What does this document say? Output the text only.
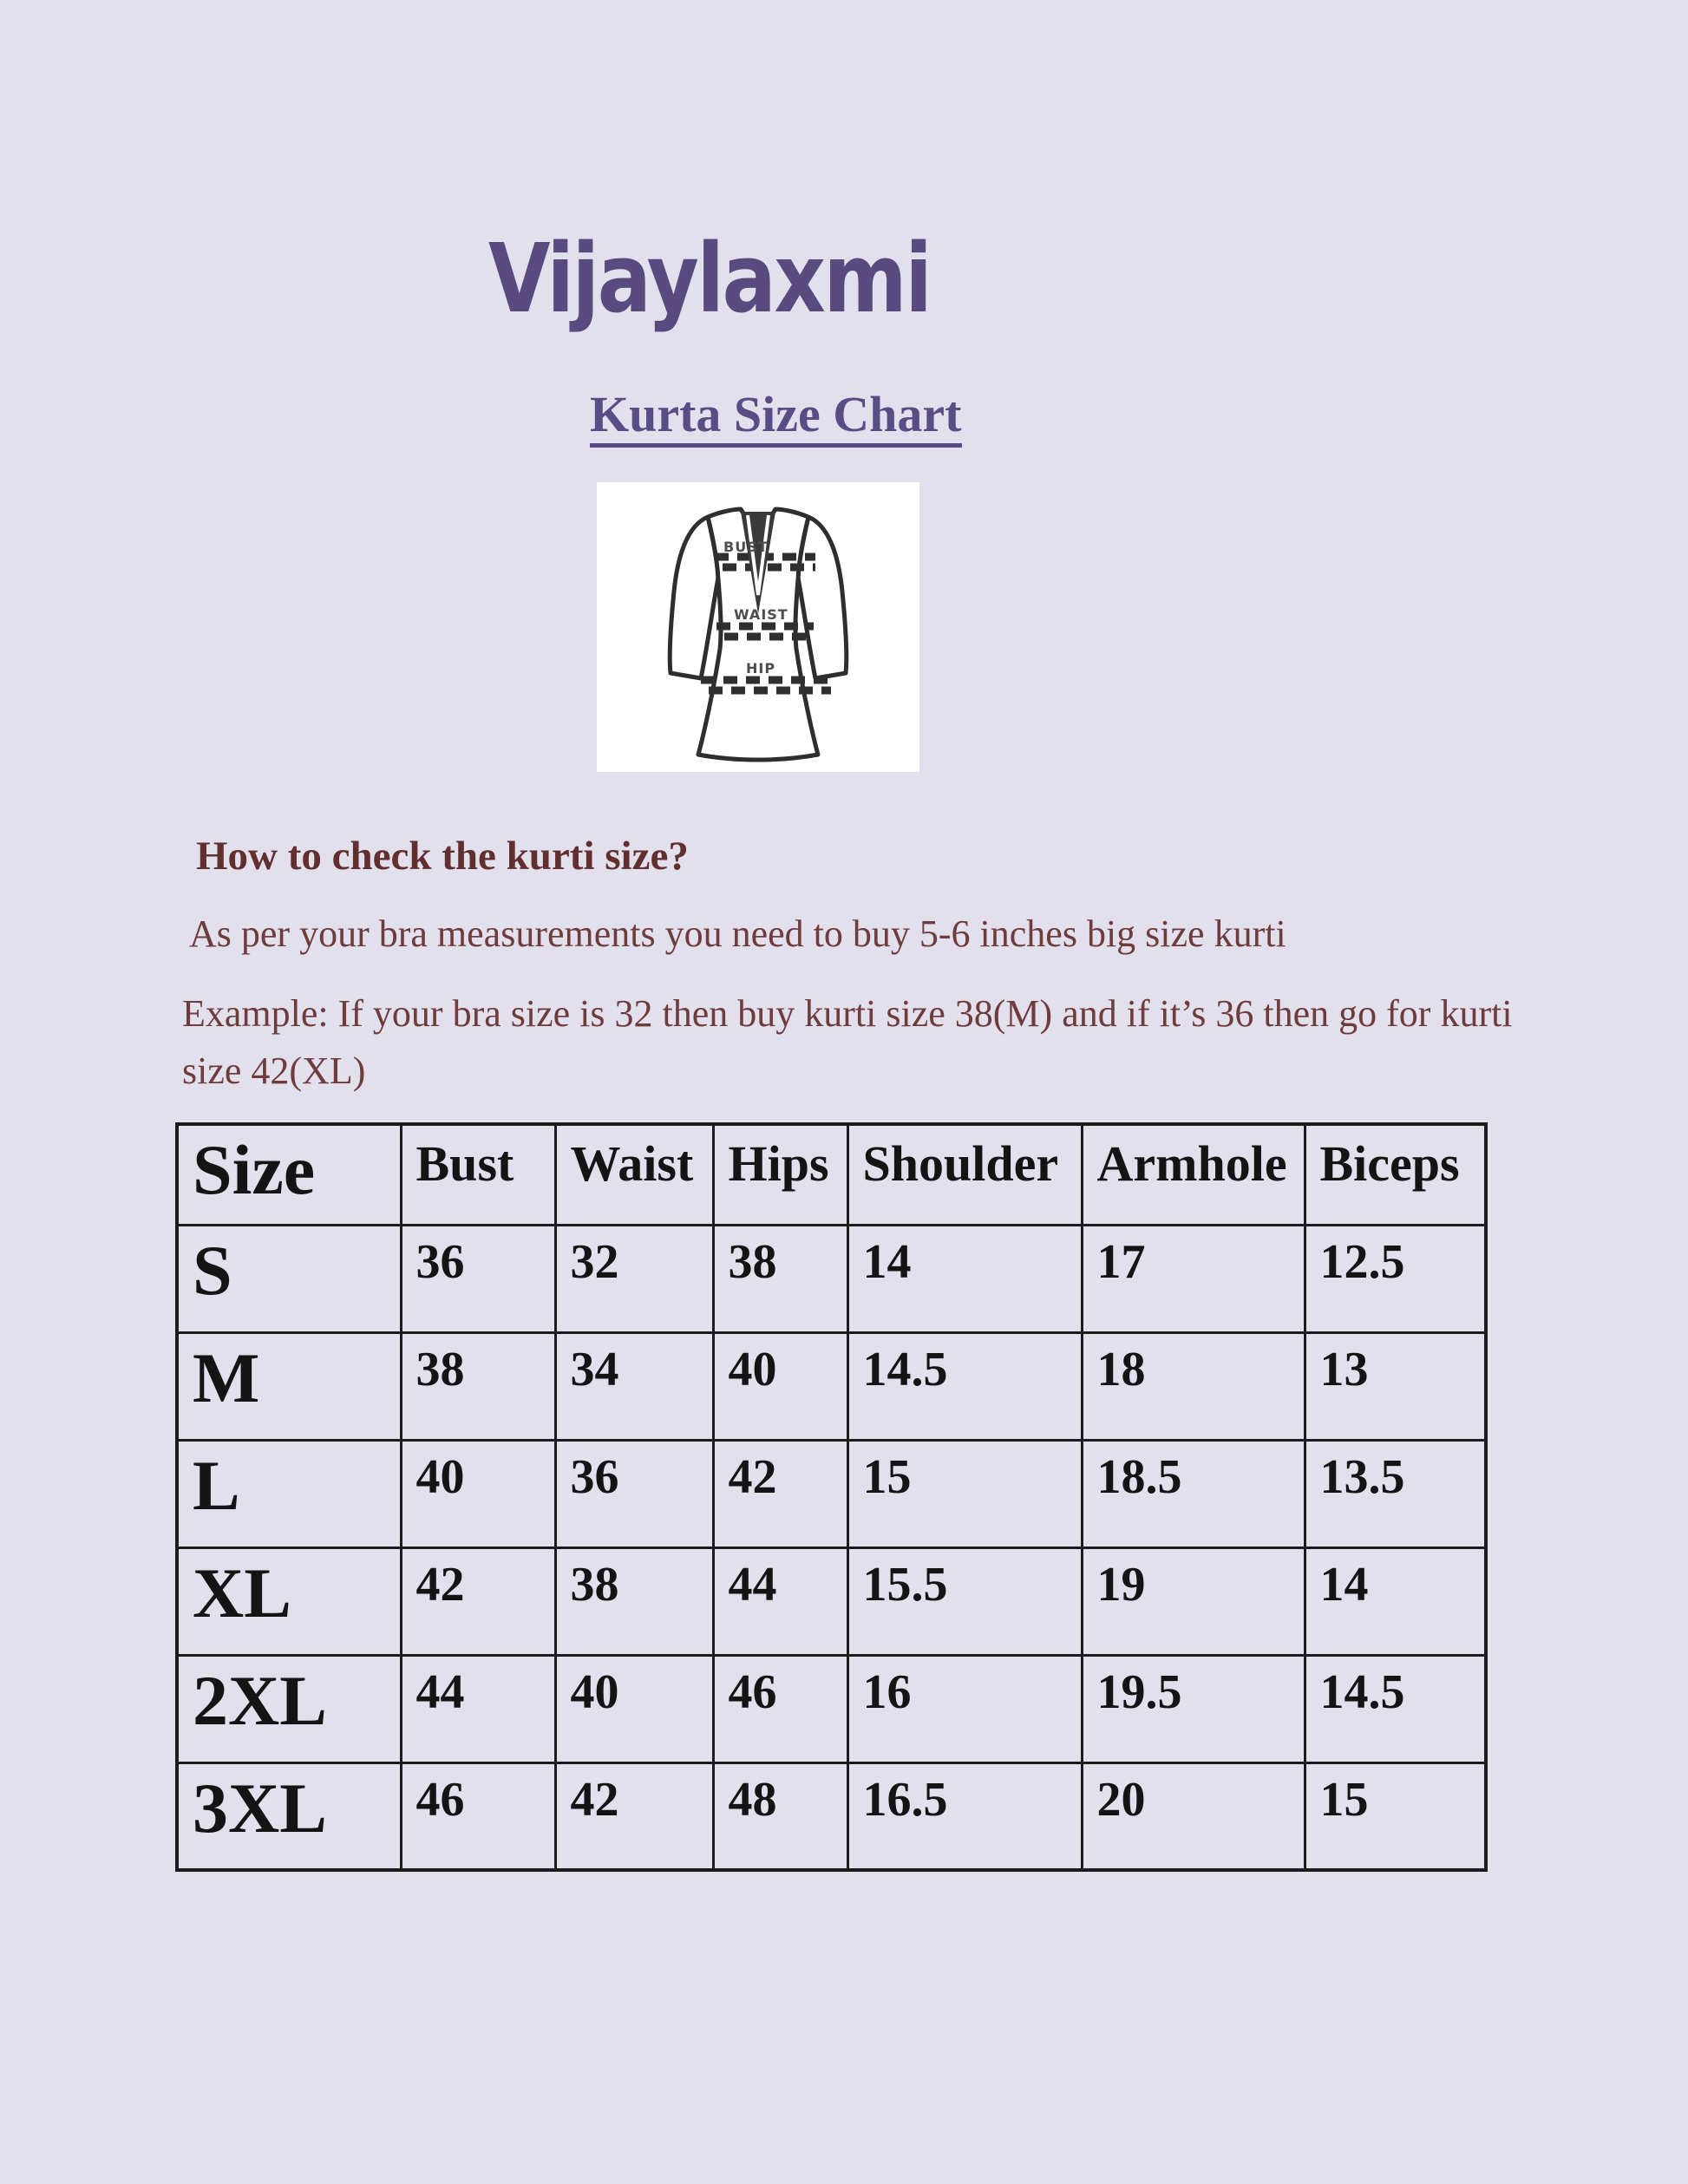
Vijaylaxmi
Kurta Size Chart
BUST
WAIST
HIP
How to check the kurti size?

As per your bra measurements you need to buy 5-6 inches big size kurti

Example: If your bra size is 32 then buy kurti size 38(M) and if it’s 36 then go for kurti size 42(XL)

Size	Bust	Waist	Hips	Shoulder	Armhole	Biceps
S	36	32	38	14	17	12.5
M	38	34	40	14.5	18	13
L	40	36	42	15	18.5	13.5
XL	42	38	44	15.5	19	14
2XL	44	40	46	16	19.5	14.5
3XL	46	42	48	16.5	20	15
